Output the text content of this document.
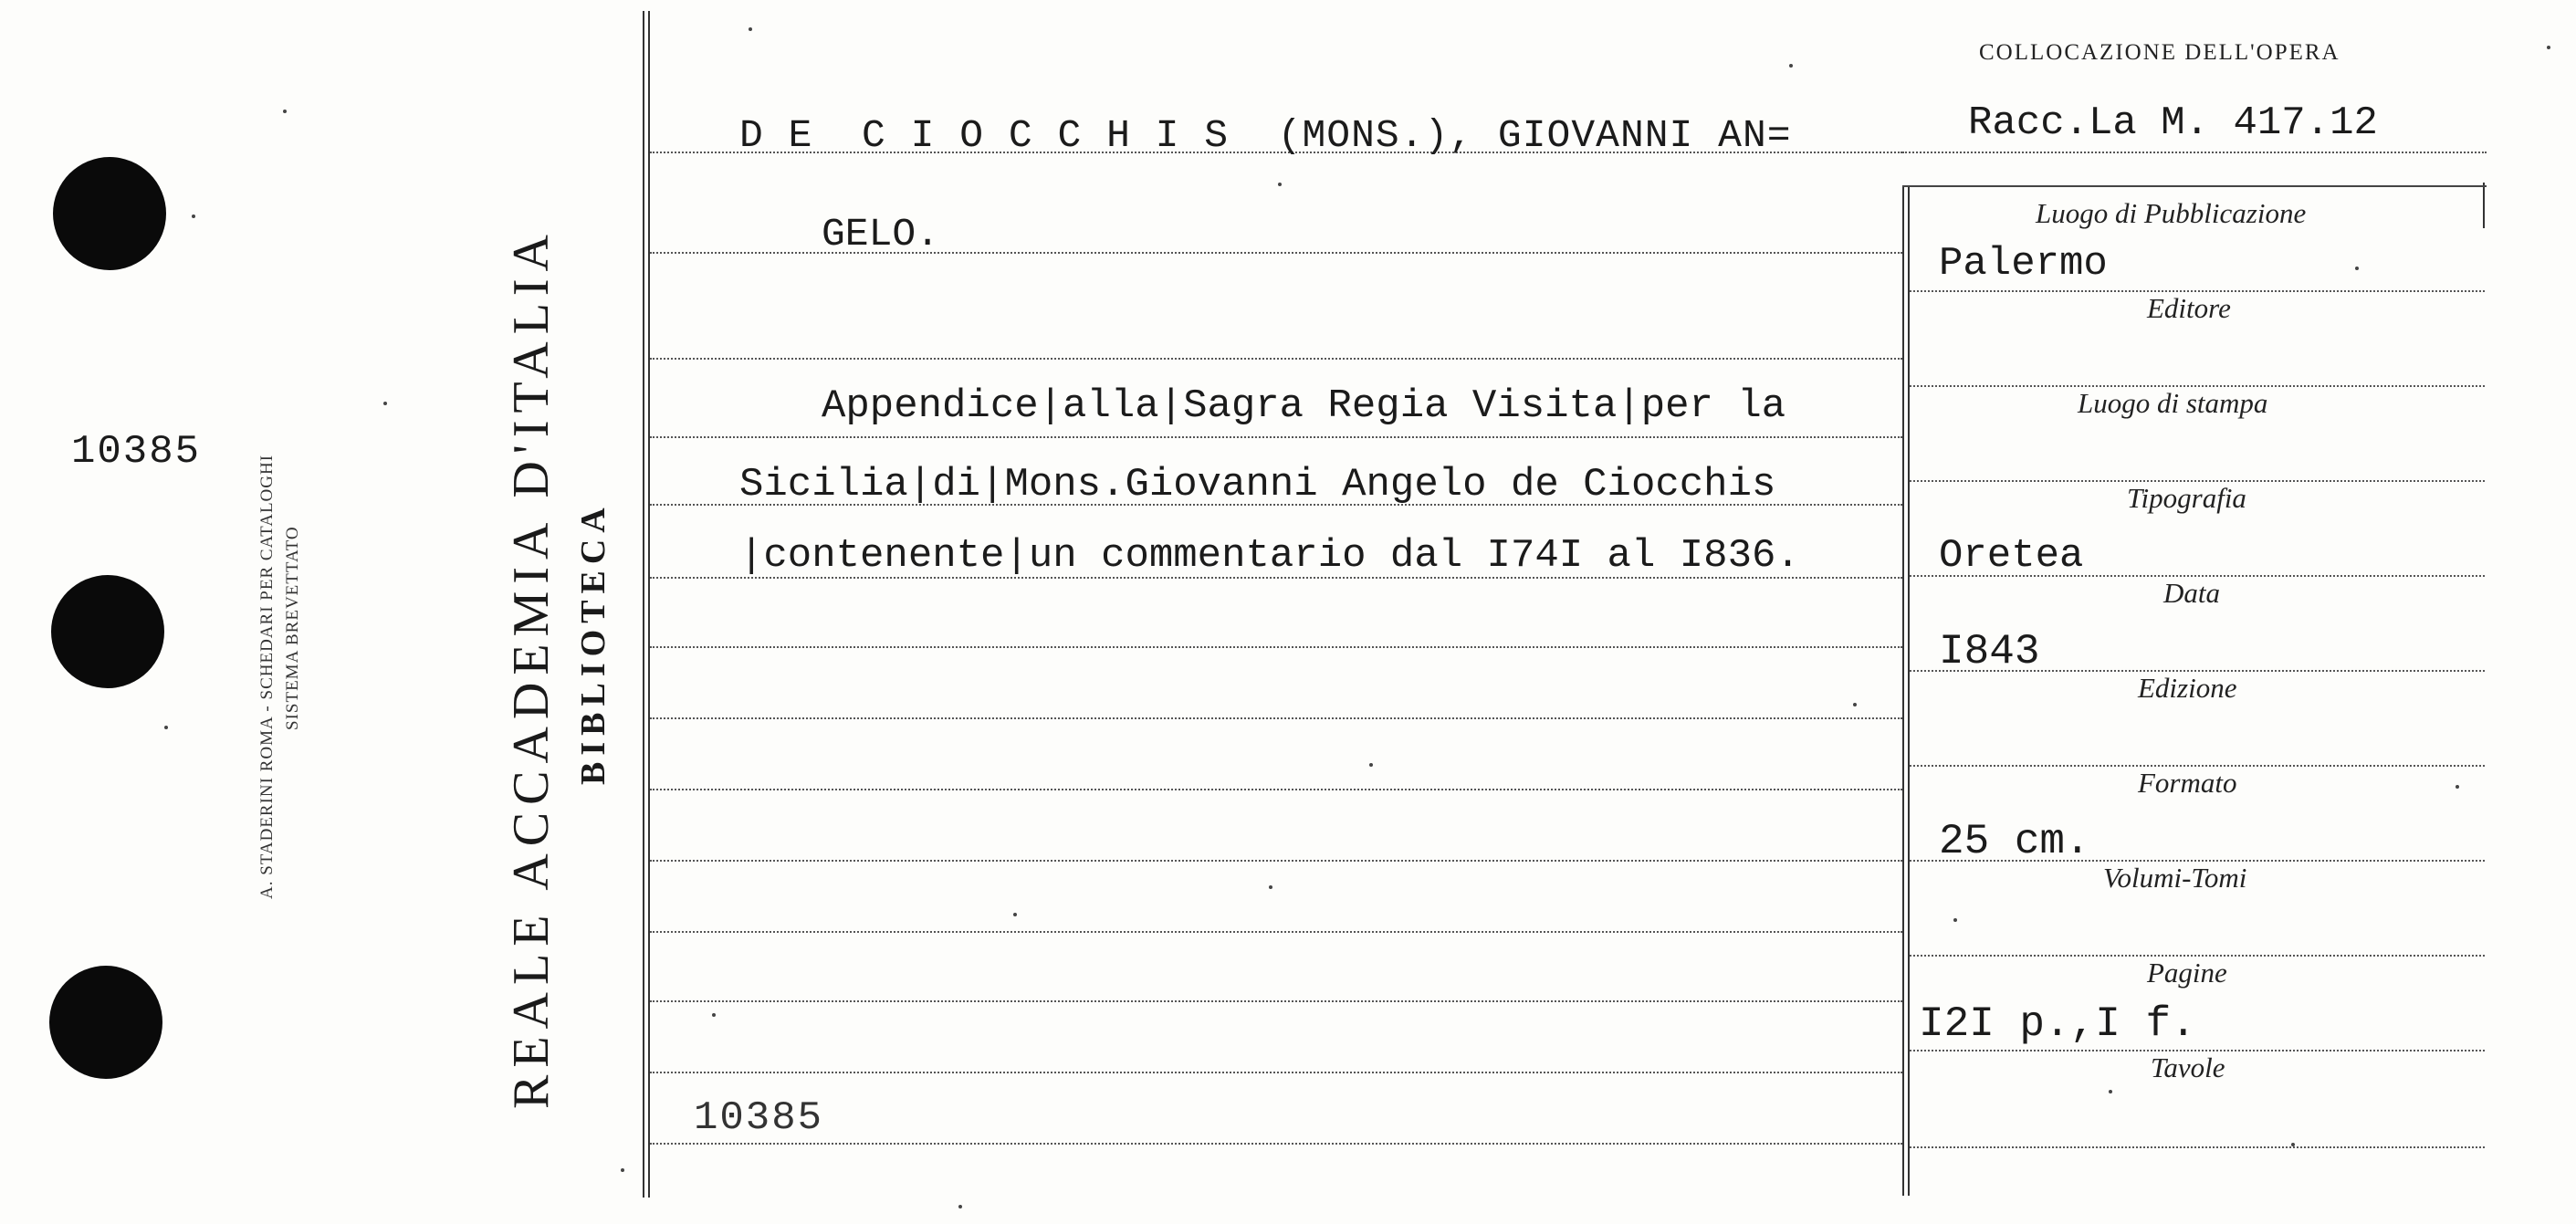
10385
A. STADERINI ROMA - SCHEDARI PER CATALOGHI SISTEMA BREVETTATO	REALE ACCADEMIA D'ITALIA BIBLIOTECA
COLLOCAZIONE DELL'OPERA
Racc.La M. 417.12
D E  C I O C C H I S  (MONS.), GIOVANNI AN=
GELO.
Appendice|alla|Sagra Regia Visita|per la
Sicilia|di|Mons.Giovanni Angelo de Ciocchis
|contenente|un commentario dal I74I al I836.
10385
Luogo di Pubblicazione
Editore
Luogo di stampa
Tipografia
Data
Edizione
Formato
Volumi-Tomi
Pagine
Tavole
Palermo
Oretea
I843
25 cm.
I2I p.,I f.
